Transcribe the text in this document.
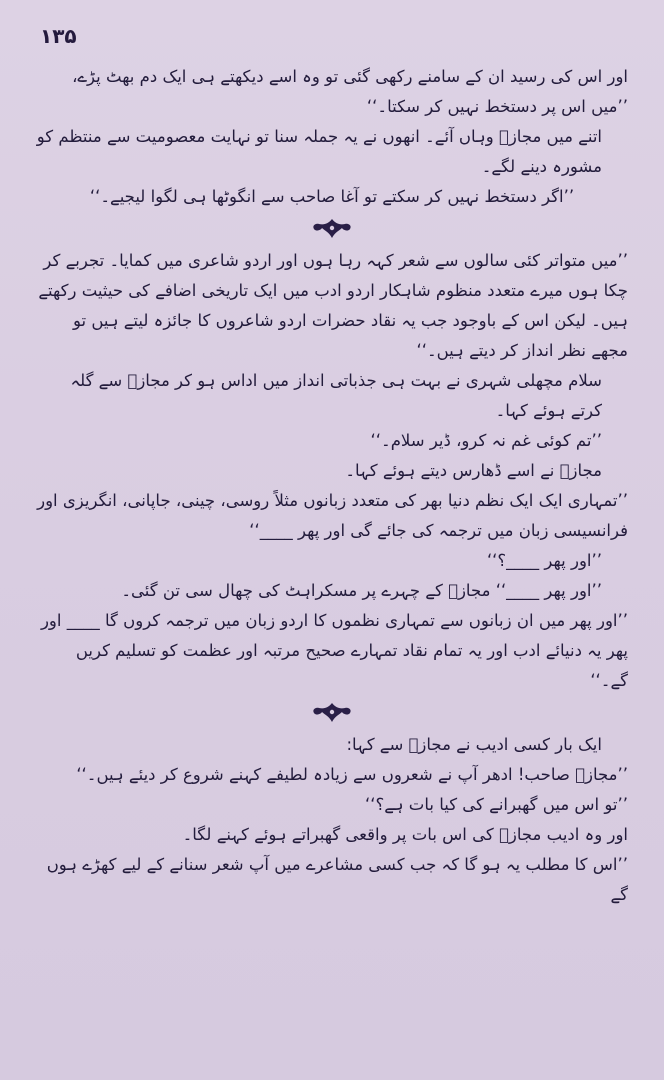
۱۳۵

اور اس کی رسید ان کے سامنے رکھی گئی تو وہ اسے دیکھتے ہی ایک دم بھٹ پڑے، ’’میں اس پر دستخط نہیں کر سکتا۔‘‘

اتنے میں مجازؔ وہاں آئے۔ انھوں نے یہ جملہ سنا تو نہایت معصومیت سے منتظم کو مشورہ دینے لگے۔

’’اگر دستخط نہیں کر سکتے تو آغا صاحب سے انگوٹھا ہی لگوا لیجیے۔‘‘

’’میں متواتر کئی سالوں سے شعر کہہ رہا ہوں اور اردو شاعری میں کمایا۔ تجربے کر چکا ہوں میرے متعدد منظوم شاہکار اردو ادب میں ایک تاریخی اضافے کی حیثیت رکھتے ہیں۔ لیکن اس کے باوجود جب یہ نقاد حضرات اردو شاعروں کا جائزہ لیتے ہیں تو مجھے نظر انداز کر دیتے ہیں۔‘‘

سلام مچھلی شہری نے بہت ہی جذباتی انداز میں اداس ہو کر مجازؔ سے گلہ کرتے ہوئے کہا۔

’’تم کوئی غم نہ کرو، ڈیر سلام۔‘‘

مجازؔ نے اسے ڈھارس دیتے ہوئے کہا۔

’’تمہاری ایک ایک نظم دنیا بھر کی متعدد زبانوں مثلاً روسی، چینی، جاپانی، انگریزی اور فرانسیسی زبان میں ترجمہ کی جائے گی اور پھر ____‘‘

’’اور پھر ____؟‘‘

’’اور پھر ____‘‘ مجازؔ کے چہرے پر مسکراہٹ کی چھال سی تن گئی۔

’’اور پھر میں ان زبانوں سے تمہاری نظموں کا اردو زبان میں ترجمہ کروں گا ____ اور پھر یہ دنیائے ادب اور یہ تمام نقاد تمہارے صحیح مرتبہ اور عظمت کو تسلیم کریں گے۔‘‘

ایک بار کسی ادیب نے مجازؔ سے کہا:

’’مجازؔ صاحب! ادھر آپ نے شعروں سے زیادہ لطیفے کہنے شروع کر دیئے ہیں۔‘‘

’’تو اس میں گھبرانے کی کیا بات ہے؟‘‘

اور وہ ادیب مجازؔ کی اس بات پر واقعی گھبراتے ہوئے کہنے لگا۔

’’اس کا مطلب یہ ہو گا کہ جب کسی مشاعرے میں آپ شعر سنانے کے لیے کھڑے ہوں گے
